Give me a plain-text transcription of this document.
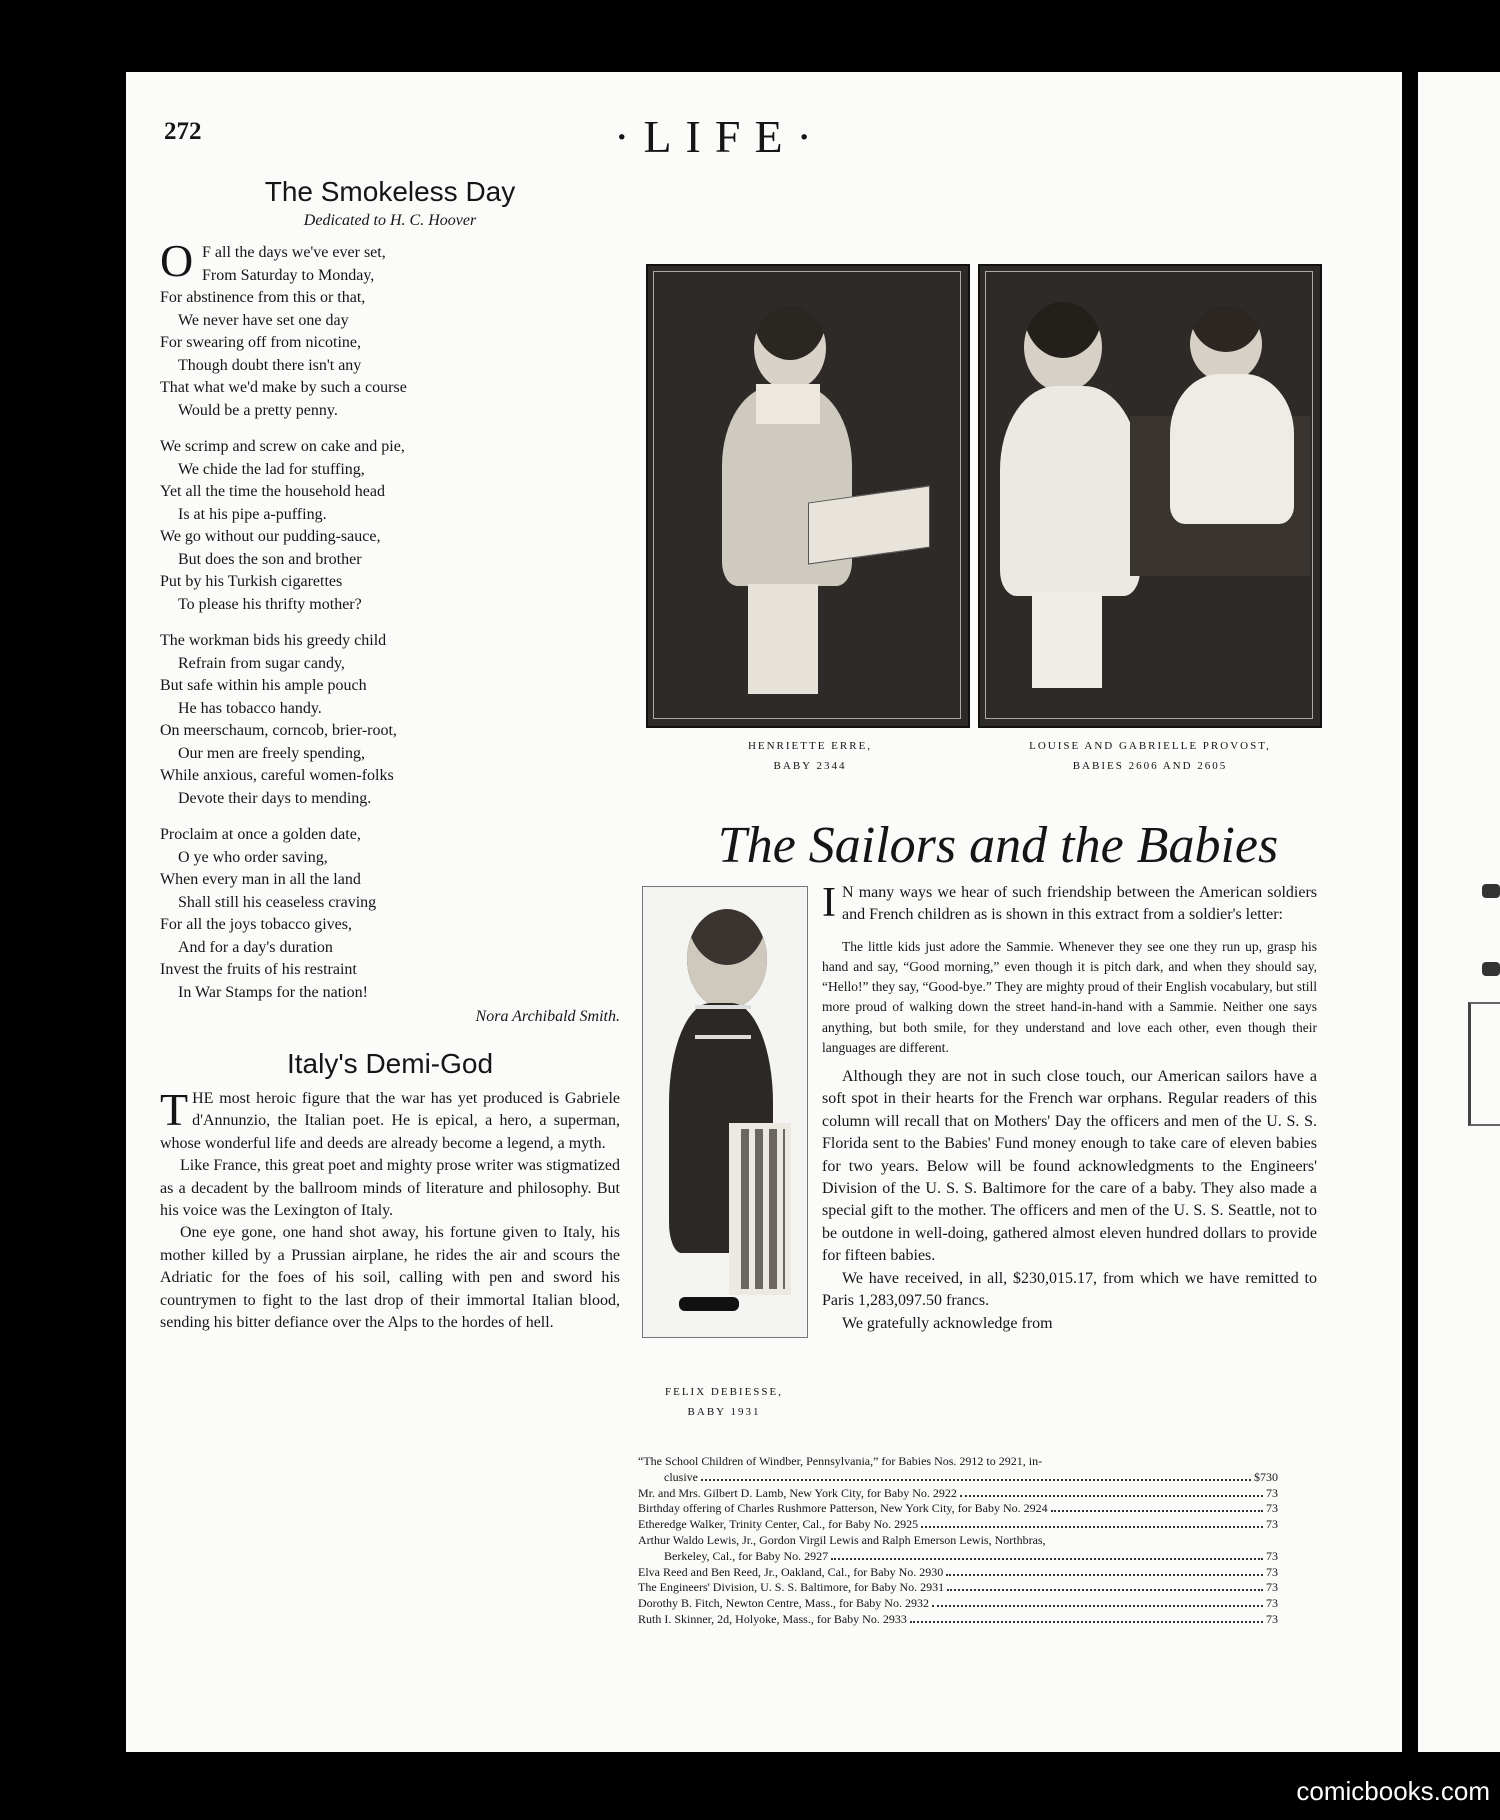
272	·LIFE·
The Smokeless Day
Dedicated to H. C. Hoover
O F all the days we've ever set,
From Saturday to Monday,
For abstinence from this or that,
We never have set one day
For swearing off from nicotine,
Though doubt there isn't any
That what we'd make by such a course
Would be a pretty penny.
We scrimp and screw on cake and pie,
We chide the lad for stuffing,
Yet all the time the household head
Is at his pipe a-puffing.
We go without our pudding-sauce,
But does the son and brother
Put by his Turkish cigarettes
To please his thrifty mother?
The workman bids his greedy child
Refrain from sugar candy,
But safe within his ample pouch
He has tobacco handy.
On meerschaum, corncob, brier-root,
Our men are freely spending,
While anxious, careful women-folks
Devote their days to mending.
Proclaim at once a golden date,
O ye who order saving,
When every man in all the land
Shall still his ceaseless craving
For all the joys tobacco gives,
And for a day's duration
Invest the fruits of his restraint
In War Stamps for the nation!
Nora Archibald Smith.
Italy's Demi-God

THE most heroic figure that the war has yet produced is Gabriele d'Annunzio, the Italian poet. He is epical, a hero, a superman, whose wonderful life and deeds are already become a legend, a myth.

Like France, this great poet and mighty prose writer was stigmatized as a decadent by the ballroom minds of literature and philosophy. But his voice was the Lexington of Italy.

One eye gone, one hand shot away, his fortune given to Italy, his mother killed by a Prussian airplane, he rides the air and scours the Adriatic for the foes of his soil, calling with pen and sword his countrymen to fight to the last drop of their immortal Italian blood, sending his bitter defiance over the Alps to the hordes of hell.

HENRIETTE ERRE,
BABY 2344
LOUISE AND GABRIELLE PROVOST,
BABIES 2606 AND 2605
The Sailors and the Babies
FELIX DEBIESSE,
BABY 1931

I N many ways we hear of such friendship between the American soldiers and French children as is shown in this extract from a soldier's letter:

The little kids just adore the Sammie. Whenever they see one they run up, grasp his hand and say, “Good morning,” even though it is pitch dark, and when they should say, “Hello!” they say, “Good-bye.” They are mighty proud of their English vocabulary, but still more proud of walking down the street hand-in-hand with a Sammie. Neither one says anything, but both smile, for they understand and love each other, even though their languages are different.

Although they are not in such close touch, our American sailors have a soft spot in their hearts for the French war orphans. Regular readers of this column will recall that on Mothers' Day the officers and men of the U. S. S. Florida sent to the Babies' Fund money enough to take care of eleven babies for two years. Below will be found acknowledgments to the Engineers' Division of the U. S. S. Baltimore for the care of a baby. They also made a special gift to the mother. The officers and men of the U. S. S. Seattle, not to be outdone in well-doing, gathered almost eleven hundred dollars to provide for fifteen babies.

We have received, in all, $230,015.17, from which we have remitted to Paris 1,283,097.50 francs.

We gratefully acknowledge from

“The School Children of Windber, Pennsylvania,” for Babies Nos. 2912 to 2921, in-
clusive	$730
Mr. and Mrs. Gilbert D. Lamb, New York City, for Baby No. 2922	73
Birthday offering of Charles Rushmore Patterson, New York City, for Baby No. 2924	73
Etheredge Walker, Trinity Center, Cal., for Baby No. 2925	73
Arthur Waldo Lewis, Jr., Gordon Virgil Lewis and Ralph Emerson Lewis, Northbras,
Berkeley, Cal., for Baby No. 2927	73
Elva Reed and Ben Reed, Jr., Oakland, Cal., for Baby No. 2930	73
The Engineers' Division, U. S. S. Baltimore, for Baby No. 2931	73
Dorothy B. Fitch, Newton Centre, Mass., for Baby No. 2932	73
Ruth I. Skinner, 2d, Holyoke, Mass., for Baby No. 2933	73
comicbooks.com
